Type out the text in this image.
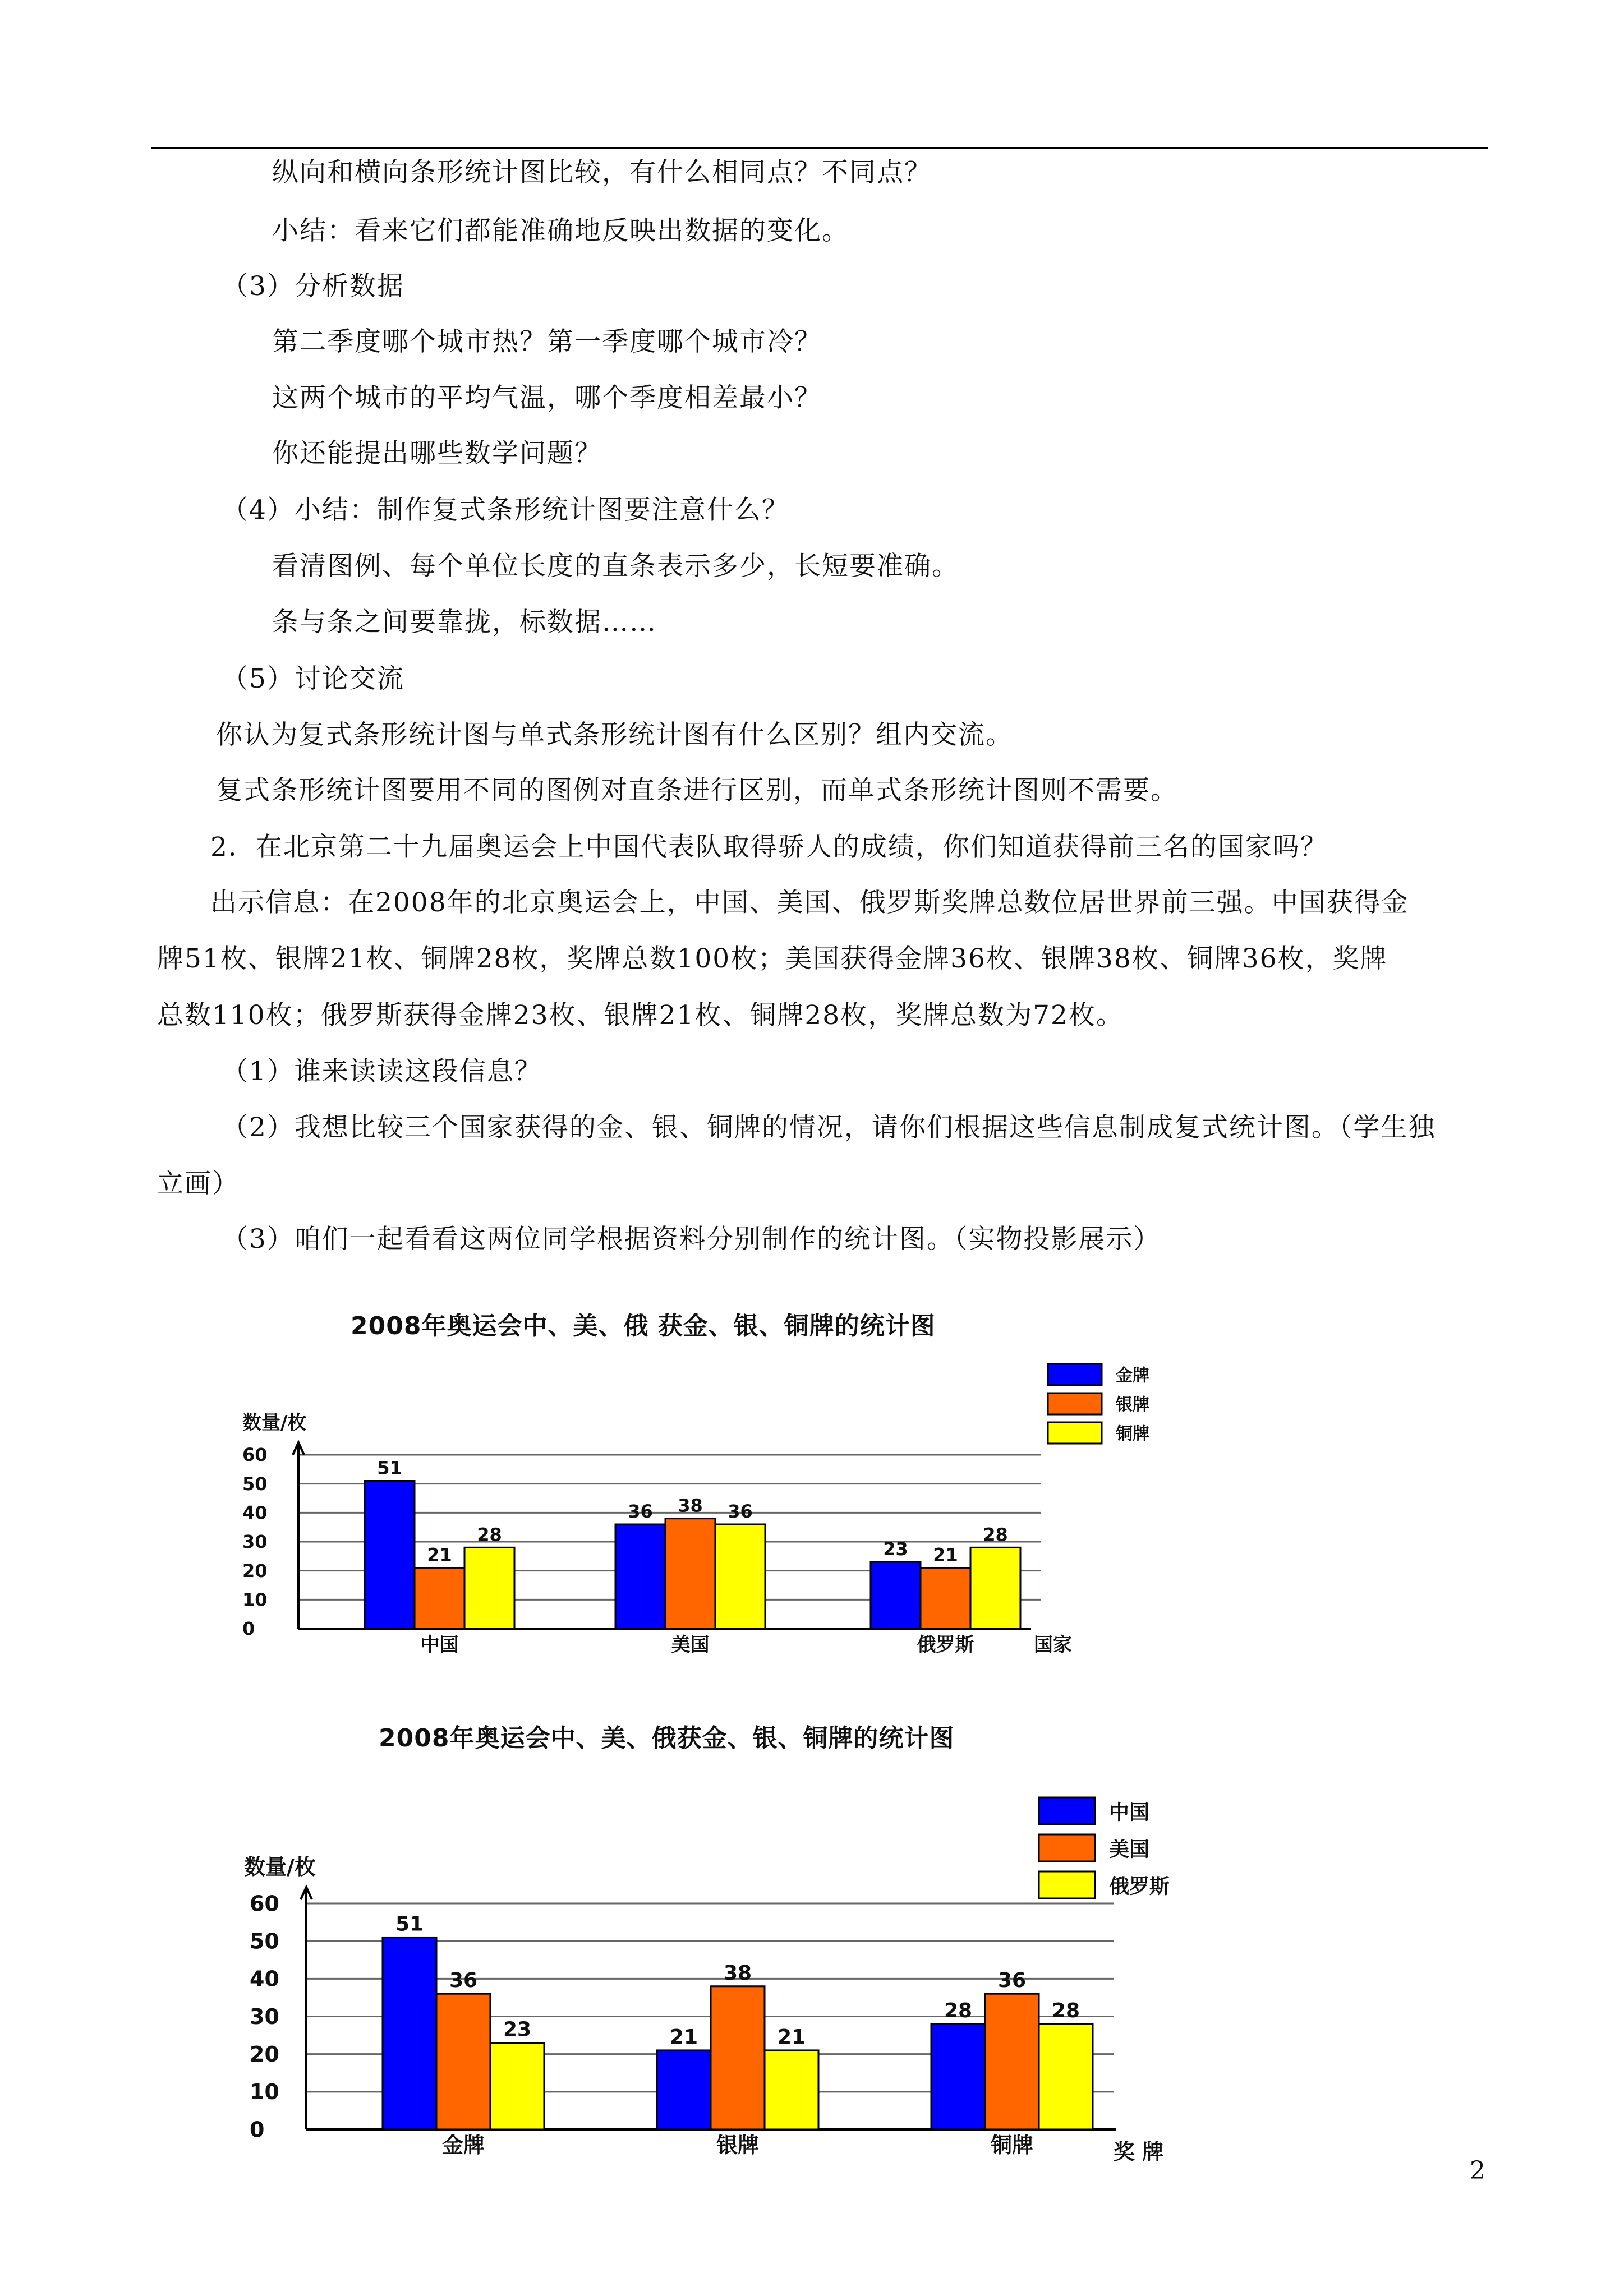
纵向和横向条形统计图比较，有什么相同点？不同点？

小结：看来它们都能准确地反映出数据的变化。

（3）分析数据

第二季度哪个城市热？第一季度哪个城市冷？

这两个城市的平均气温，哪个季度相差最小？

你还能提出哪些数学问题？

（4）小结：制作复式条形统计图要注意什么？

看清图例、每个单位长度的直条表示多少，长短要准确。

条与条之间要靠拢，标数据……

（5）讨论交流

你认为复式条形统计图与单式条形统计图有什么区别？组内交流。

复式条形统计图要用不同的图例对直条进行区别，而单式条形统计图则不需要。

2．在北京第二十九届奥运会上中国代表队取得骄人的成绩，你们知道获得前三名的国家吗？

出示信息：在2008年的北京奥运会上，中国、美国、俄罗斯奖牌总数位居世界前三强。中国获得金

牌51枚、银牌21枚、铜牌28枚，奖牌总数100枚；美国获得金牌36枚、银牌38枚、铜牌36枚，奖牌

总数110枚；俄罗斯获得金牌23枚、银牌21枚、铜牌28枚，奖牌总数为72枚。

（1）谁来读读这段信息？

（2）我想比较三个国家获得的金、银、铜牌的情况，请你们根据这些信息制成复式统计图。（学生独

立画）

（3）咱们一起看看这两位同学根据资料分别制作的统计图。（实物投影展示）

2008年奥运会中、美、俄 获金、银、铜牌的统计图
0
10
20
30
40
50
60
数量/枚
国家
51
21
28
中国
36 38 36
美国
23 21
28
俄罗斯
金牌
银牌
铜牌
2008年奥运会中、美、俄获金、银、铜牌的统计图
0
10
20
30
40
50
60
数量/枚
奖 牌
51
36
23
金牌
21
38
21
银牌
28
36
28
铜牌
中国
美国
俄罗斯
2
